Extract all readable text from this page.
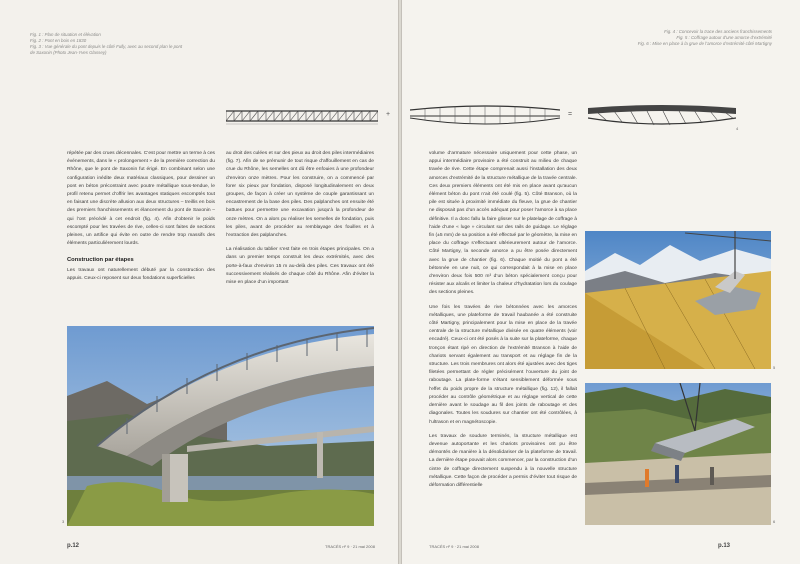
Fig. 1 : Plan de situation et élévation
Fig. 2 : Pont en bois en 1830
Fig. 3 : Vue générale du pont depuis le côté Fully, avec au second plan le pont
de Saxonin (Photo Jean-Yves Glassey)
+

répétée par des crues décennales. C’est pour mettre un terme à ces événements, dans le « prolongement » de la première correction du Rhône, que le pont de Saxonin fut érigé. En combinant selon une configuration inédite deux matériaux classiques, pour dessiner un pont en béton précontraint avec poutre métallique sous-tendue, le profil retenu permet d’offrir les avantages statiques escomptés tout en faisant une discrète allusion aux deux structures – treillis en bois des premiers franchissements et élancement du pont de Saxonin – qui l’ont précédé à cet endroit (fig. 4). Afin d’obtenir le poids escompté pour les travées de rive, celles-ci sont faites de sections pleines, un artifice qui évite en outre de rendre trop massifs des éléments particulièrement lourds.

Construction par étapes

Les travaux ont naturellement débuté par la construction des appuis. Ceux-ci reposent sur deux fondations superficielles

au droit des culées et sur des pieux au droit des piles intermédiaires (fig. 7). Afin de se prémunir de tout risque d’affouillement en cas de crue du Rhône, les semelles ont dû être enfouies à une profondeur d’environ onze mètres. Pour les construire, on a commencé par forer six pieux par fondation, disposé longitudinalement en deux groupes, de façon à créer un système de couple garantissant un encastrement de la base des piles. Des palplanches ont ensuite été battues pour permettre une excavation jusqu’à la profondeur de onze mètres. On a alors pu réaliser les semelles de fondation, puis les piles, avant de procéder au remblayage des fouilles et à l’extraction des palplanches.

La réalisation du tablier s’est faite en trois étapes principales. On a dans un premier temps construit les deux extrémités, avec des porte-à-faux d’environ 15 m au-delà des piles. Ces travaux ont été successivement réalisés de chaque côté du Rhône. Afin d’éviter la mise en place d’un important

3
p.12	TRACÉS nº 9 · 21 mai 2008
Fig. 4 : Concevoir la trace des anciens franchissements
Fig. 5 : Coffrage autour d’une amorce d’extrémité
Fig. 6 : Mise en place à la grue de l’amorce d’extrémité côté Martigny
=
4

volume d’armature nécessaire uniquement pour cette phase, un appui intermédiaire provisoire a été construit au milieu de chaque travée de rive. Cette étape comprenait aussi l’installation des deux amorces d’extrémité de la structure métallique de la travée centrale. Ces deux premiers éléments ont été mis en place avant qu’aucun élément béton du pont n’ait été coulé (fig. 5). Côté Branson, où la pile est située à proximité immédiate du fleuve, la grue de chantier ne disposait pas d’un accès adéquat pour poser l’amorce à sa place définitive. Il a donc fallu la faire glisser sur le platelage de coffrage à l’aide d’une « luge » circulant sur des rails de guidage. Le réglage fin (±5 mm) de sa position a été effectué par le géomètre, la mise en place du coffrage s’effectuant ultérieurement autour de l’amorce. Côté Martigny, la seconde amorce a pu être posée directement avec la grue de chantier (fig. 6). Chaque moitié du pont a été bétonnée en une nuit, ce qui correspondait à la mise en place d’environ deux fois 500 m³ d’un béton spécialement conçu pour résister aux alcalis et limiter la chaleur d’hydratation lors du coulage des sections pleines.

Une fois les travées de rive bétonnées avec les amorces métalliques, une plateforme de travail haubanée a été construite côté Martigny, principalement pour la mise en place de la travée centrale de la structure métallique divisée en quatre éléments (voir encadré). Ceux-ci ont été posés à la suite sur la plateforme, chaque tronçon étant ripé en direction de l’extrémité Branson à l’aide de chariots servant également au transport et au réglage fin de la structure. Les trois membrures ont alors été ajustées avec des tiges filetées permettant de régler précisément l’ouverture du joint de raboutage. La plate-forme s’étant sensiblement déformée sous l’effet du poids propre de la structure métallique (fig. 12), il fallait procéder au contrôle géométrique et au réglage vertical de cette dernière avant le soudage au fil des joints de raboutage et des diagonales. Toutes les soudures sur chantier ont été contrôlées, à l’ultrason et en magnétoscopie.

Les travaux de soudure terminés, la structure métallique est devenue autoportante et les chariots provisoires ont pu être démontés de manière à la désolidariser de la plateforme de travail. La dernière étape pouvait alors commencer, par la construction d’un cintre de coffrage directement suspendu à la nouvelle structure métallique. Cette façon de procéder a permis d’éviter tout risque de déformation différentielle

5
6
TRACÉS nº 9 · 21 mai 2008	p.13
